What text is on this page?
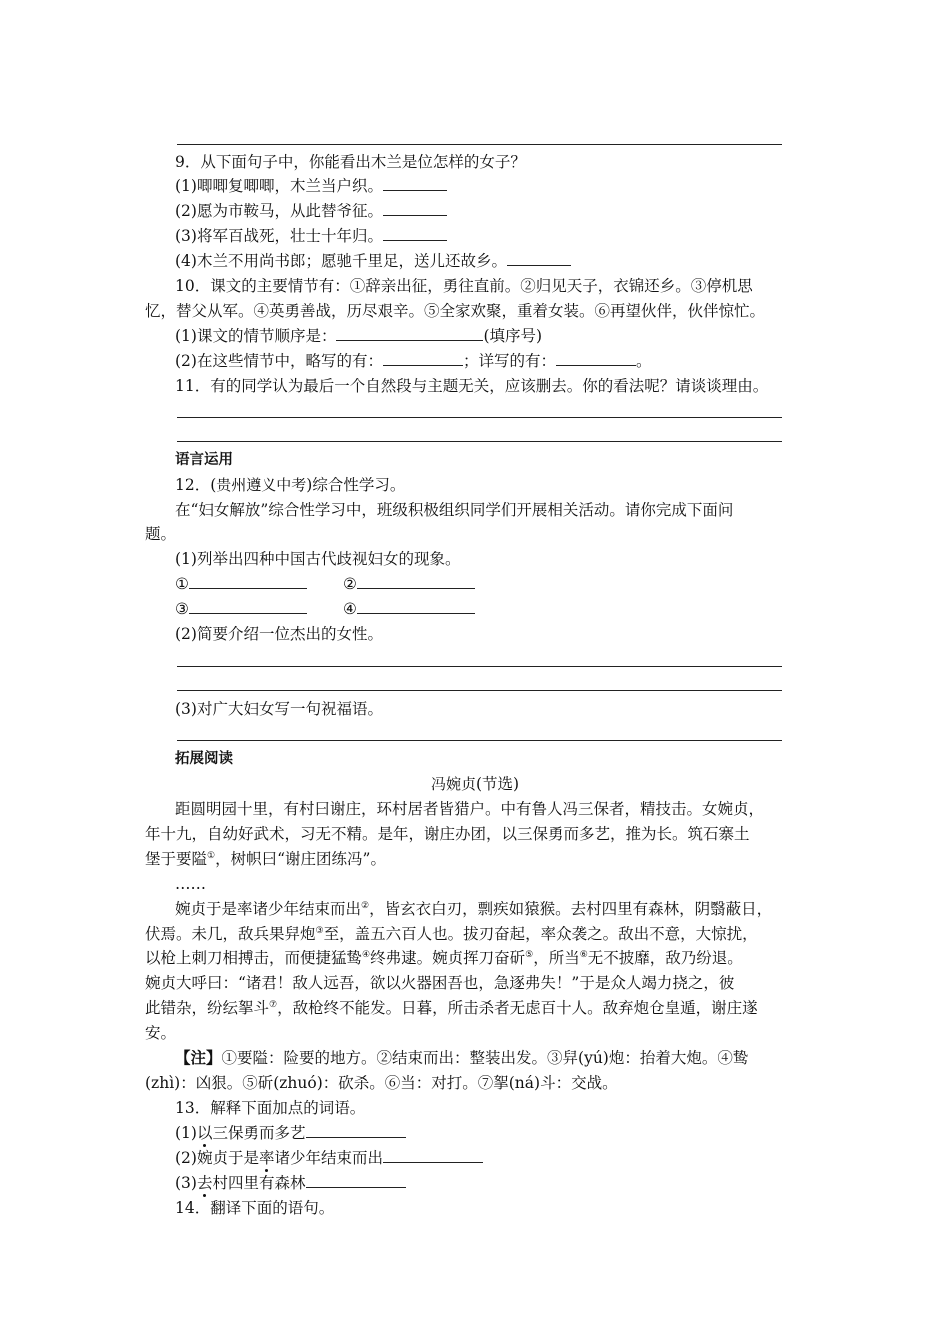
9．从下面句子中，你能看出木兰是位怎样的女子？
(1)唧唧复唧唧，木兰当户织。
(2)愿为市鞍马，从此替爷征。
(3)将军百战死，壮士十年归。
(4)木兰不用尚书郎；愿驰千里足，送儿还故乡。
10．课文的主要情节有：①辞亲出征，勇往直前。②归见天子，衣锦还乡。③停机思
忆，替父从军。④英勇善战，历尽艰辛。⑤全家欢聚，重着女装。⑥再望伙伴，伙伴惊忙。
(1)课文的情节顺序是：	(填序号)
(2)在这些情节中，略写的有：	；详写的有：	。
11．有的同学认为最后一个自然段与主题无关，应该删去。你的看法呢？请谈谈理由。
语言运用
12．(贵州遵义中考)综合性学习。
在“妇女解放”综合性学习中，班级积极组织同学们开展相关活动。请你完成下面问
题。
(1)列举出四种中国古代歧视妇女的现象。
①	②
③	④
(2)简要介绍一位杰出的女性。
(3)对广大妇女写一句祝福语。
拓展阅读
冯婉贞(节选)
距圆明园十里，有村曰谢庄，环村居者皆猎户。中有鲁人冯三保者，精技击。女婉贞，
年十九，自幼好武术，习无不精。是年，谢庄办团，以三保勇而多艺，推为长。筑石寨土
堡于要隘①，树帜曰“谢庄团练冯”。
……
婉贞于是率诸少年结束而出②，皆玄衣白刃，剽疾如猿猴。去村四里有森林，阴翳蔽日，
伏焉。未几，敌兵果舁炮③至，盖五六百人也。拔刃奋起，率众袭之。敌出不意，大惊扰，
以枪上刺刀相搏击，而便捷猛鸷④终弗逮。婉贞挥刀奋斫⑤，所当⑥无不披靡，敌乃纷退。
婉贞大呼曰：“诸君！敌人远吾，欲以火器困吾也，急逐弗失！”于是众人竭力挠之，彼
此错杂，纷纭挐斗⑦，敌枪终不能发。日暮，所击杀者无虑百十人。敌弃炮仓皇遁，谢庄遂
安。
【注】①要隘：险要的地方。②结束而出：整装出发。③舁(yú)炮：抬着大炮。④鸷
(zhì)：凶狠。⑤斫(zhuó)：砍杀。⑥当：对打。⑦挐(ná)斗：交战。
13．解释下面加点的词语。
(1)以三保勇而多艺
(2)婉贞于是率诸少年结束而出
(3)去村四里有森林
14．翻译下面的语句。
